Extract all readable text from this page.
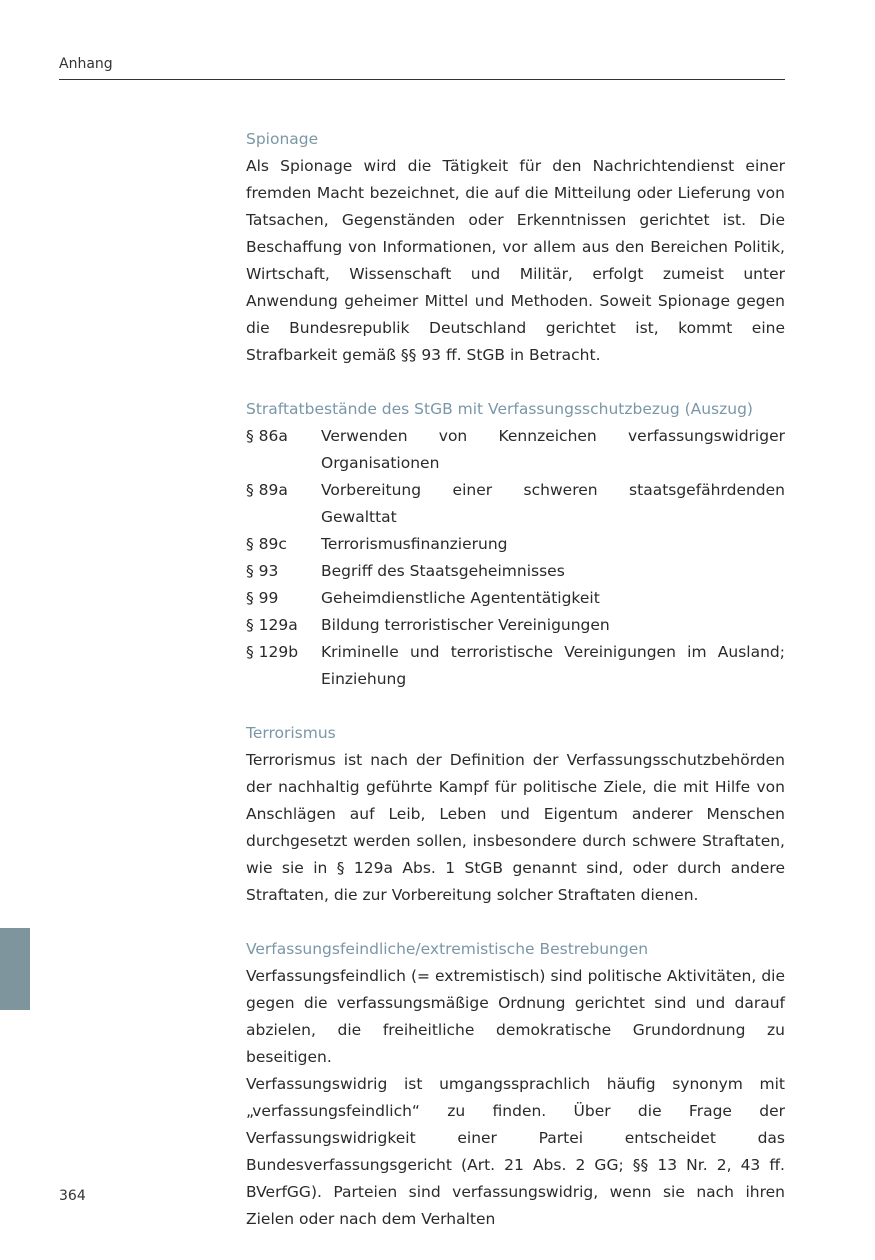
Anhang
Spionage

Als Spionage wird die Tätigkeit für den Nachrichtendienst einer fremden Macht bezeichnet, die auf die Mitteilung oder Lieferung von Tatsachen, Gegenständen oder Erkenntnissen gerichtet ist. Die Beschaffung von Informationen, vor allem aus den Bereichen Politik, Wirtschaft, Wissenschaft und Militär, erfolgt zumeist unter Anwendung geheimer Mittel und Methoden. Soweit Spionage gegen die Bundesrepublik Deutschland gerichtet ist, kommt eine Strafbarkeit gemäß §§ 93 ff. StGB in Betracht.

Straftatbestände des StGB mit Verfassungsschutzbezug (Auszug)
§ 86a	Verwenden von Kennzeichen verfassungswidriger Organisationen
§ 89a	Vorbereitung einer schweren staatsgefährdenden Gewalttat
§ 89c	Terrorismusfinanzierung
§ 93	Begriff des Staatsgeheimnisses
§ 99	Geheimdienstliche Agententätigkeit
§ 129a	Bildung terroristischer Vereinigungen
§ 129b	Kriminelle und terroristische Vereinigungen im Ausland; Einziehung
Terrorismus

Terrorismus ist nach der Definition der Verfassungsschutzbehörden der nachhaltig geführte Kampf für politische Ziele, die mit Hilfe von Anschlägen auf Leib, Leben und Eigentum anderer Menschen durchgesetzt werden sollen, insbesondere durch schwere Straftaten, wie sie in § 129a Abs. 1 StGB genannt sind, oder durch andere Straftaten, die zur Vorbereitung solcher Straftaten dienen.

Verfassungsfeindliche/extremistische Bestrebungen

Verfassungsfeindlich (= extremistisch) sind politische Aktivitäten, die gegen die verfassungsmäßige Ordnung gerichtet sind und darauf abzielen, die freiheitliche demokratische Grundordnung zu beseitigen.

Verfassungswidrig ist umgangssprachlich häufig synonym mit „verfassungsfeindlich“ zu finden. Über die Frage der Verfassungswidrigkeit einer Partei entscheidet das Bundesverfassungsgericht (Art. 21 Abs. 2 GG; §§ 13 Nr. 2, 43 ff. BVerfGG). Parteien sind verfassungswidrig, wenn sie nach ihren Zielen oder nach dem Verhalten

364
